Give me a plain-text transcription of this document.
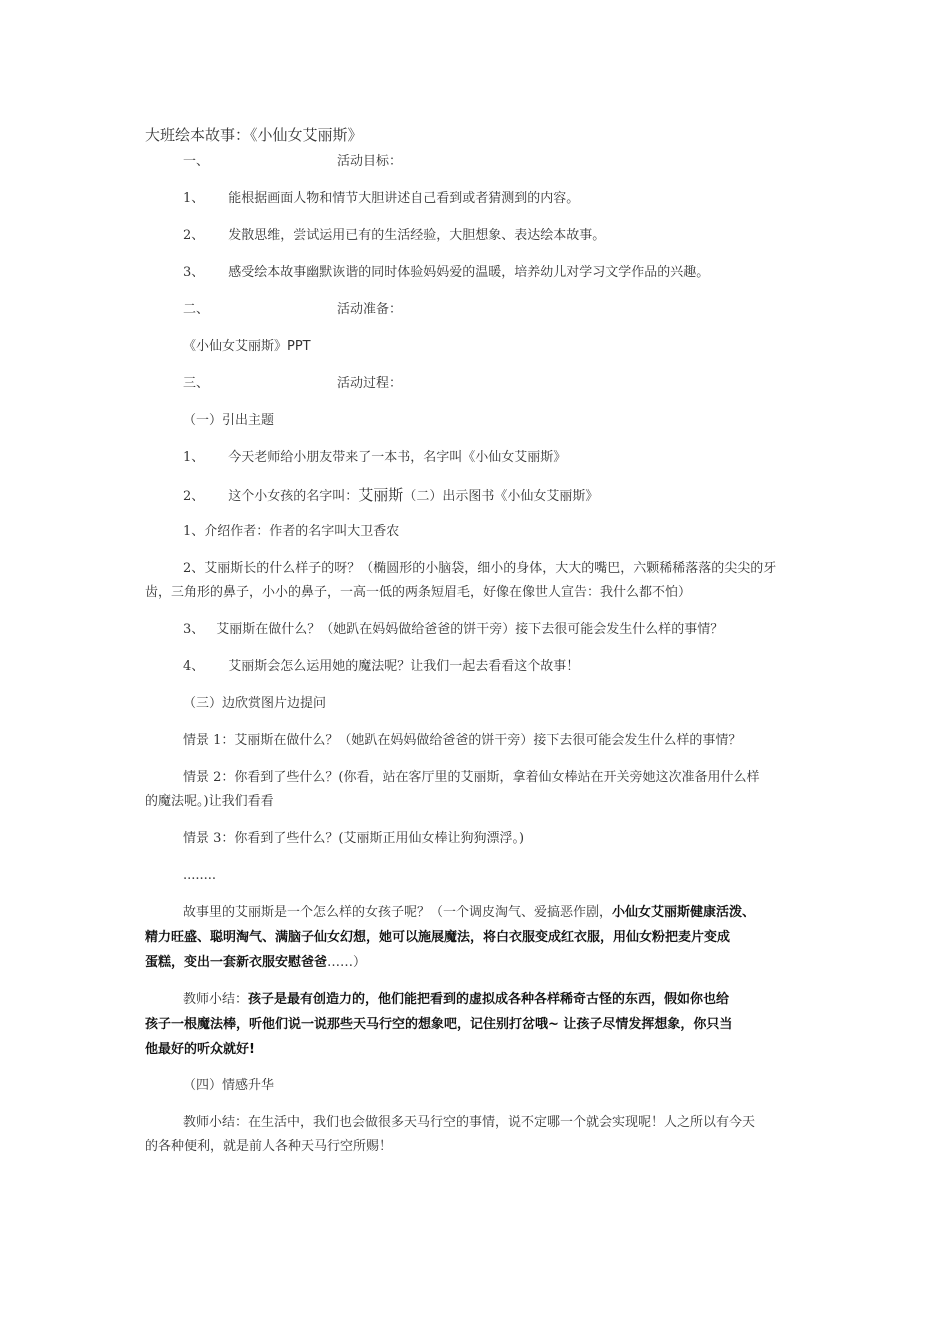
大班绘本故事：《小仙女艾丽斯》
一、	活动目标：
1、 能根据画面人物和情节大胆讲述自己看到或者猜测到的内容。
2、 发散思维，尝试运用已有的生活经验，大胆想象、表达绘本故事。
3、 感受绘本故事幽默诙谐的同时体验妈妈爱的温暖，培养幼儿对学习文学作品的兴趣。
二、	活动准备：
《小仙女艾丽斯》PPT
三、	活动过程：
（一）引出主题
1、 今天老师给小朋友带来了一本书，名字叫《小仙女艾丽斯》
2、 这个小女孩的名字叫：艾丽斯（二）出示图书《小仙女艾丽斯》
1、介绍作者：作者的名字叫大卫香农
2、艾丽斯长的什么样子的呀？（椭圆形的小脑袋，细小的身体，大大的嘴巴，六颗稀稀落落的尖尖的牙
齿，三角形的鼻子，小小的鼻子，一高一低的两条短眉毛，好像在像世人宣告：我什么都不怕）
3、 艾丽斯在做什么？（她趴在妈妈做给爸爸的饼干旁）接下去很可能会发生什么样的事情？
4、 艾丽斯会怎么运用她的魔法呢？让我们一起去看看这个故事！
（三）边欣赏图片边提问
情景 1：艾丽斯在做什么？（她趴在妈妈做给爸爸的饼干旁）接下去很可能会发生什么样的事情？
情景 2：你看到了些什么？(你看，站在客厅里的艾丽斯，拿着仙女棒站在开关旁她这次准备用什么样
的魔法呢。)让我们看看
情景 3：你看到了些什么？(艾丽斯正用仙女棒让狗狗漂浮。)
........
故事里的艾丽斯是一个怎么样的女孩子呢？（一个调皮淘气、爱搞恶作剧，小仙女艾丽斯健康活泼、
精力旺盛、聪明淘气、满脑子仙女幻想，她可以施展魔法，将白衣服变成红衣服，用仙女粉把麦片变成
蛋糕，变出一套新衣服安慰爸爸……）
教师小结：孩子是最有创造力的，他们能把看到的虚拟成各种各样稀奇古怪的东西，假如你也给
孩子一根魔法棒，听他们说一说那些天马行空的想象吧，记住别打岔哦~ 让孩子尽情发挥想象，你只当
他最好的听众就好!
（四）情感升华
教师小结：在生活中，我们也会做很多天马行空的事情，说不定哪一个就会实现呢！人之所以有今天
的各种便利，就是前人各种天马行空所赐！
